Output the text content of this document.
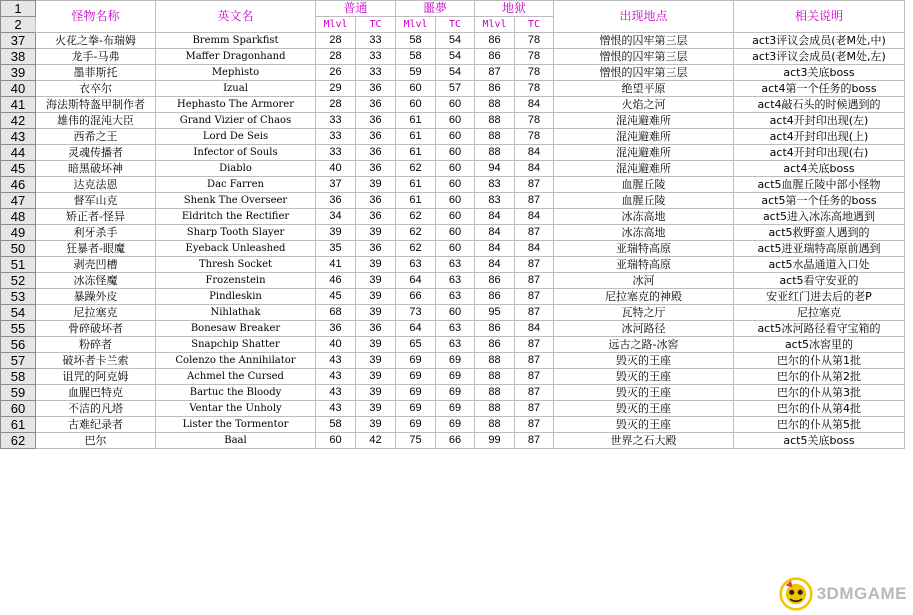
1	怪物名称	英文名	普通		噩夢		地狱		出现地点	相关说明
2			Mlvl	TC	Mlvl	TC	Mlvl	TC		
37	火花之拳-布瑞姆	Bremm Sparkfist	28	33	58	54	86	78	憎恨的囚牢第三层	act3评议会成员(老M处,中)
38	龙手-马弗	Maffer Dragonhand	28	33	58	54	86	78	憎恨的囚牢第三层	act3评议会成员(老M处,左)
39	墨菲斯托	Mephisto	26	33	59	54	87	78	憎恨的囚牢第三层	act3关底boss
40	衣卒尔	Izual	29	36	60	57	86	78	绝望平原	act4第一个任务的boss
41	海法斯特盔甲制作者	Hephasto The Armorer	28	36	60	60	88	84	火焰之河	act4敲石头的时候遇到的
42	雄伟的混沌大臣	Grand Vizier of Chaos	33	36	61	60	88	78	混沌避难所	act4开封印出现(左)
43	西希之王	Lord De Seis	33	36	61	60	88	78	混沌避难所	act4开封印出现(上)
44	灵魂传播者	Infector of Souls	33	36	61	60	88	84	混沌避难所	act4开封印出现(右)
45	暗黑破坏神	Diablo	40	36	62	60	94	84	混沌避难所	act4关底boss
46	达克法恩	Dac Farren	37	39	61	60	83	87	血腥丘陵	act5血腥丘陵中部小怪物
47	督军山克	Shenk The Overseer	36	36	61	60	83	87	血腥丘陵	act5第一个任务的boss
48	矫正者-怪异	Eldritch the Rectifier	34	36	62	60	84	84	冰冻高地	act5进入冰冻高地遇到
49	利牙杀手	Sharp Tooth Slayer	39	39	62	60	84	87	冰冻高地	act5救野蛮人遇到的
50	狂暴者-眼魔	Eyeback Unleashed	35	36	62	60	84	84	亚瑞特高原	act5进亚瑞特高原前遇到
51	剥壳凹槽	Thresh Socket	41	39	63	63	84	87	亚瑞特高原	act5水晶通道入口处
52	冰冻怪魔	Frozenstein	46	39	64	63	86	87	冰河	act5看守安亚的
53	暴躁外皮	Pindleskin	45	39	66	63	86	87	尼拉塞克的神殿	安亚红门进去后的老P
54	尼拉塞克	Nihlathak	68	39	73	60	95	87	瓦特之厅	尼拉塞克
55	骨碎破坏者	Bonesaw Breaker	36	36	64	63	86	84	冰河路径	act5冰河路径看守宝箱的
56	粉碎者	Snapchip Shatter	40	39	65	63	86	87	远古之路-冰窖	act5冰窖里的
57	破坏者卡兰索	Colenzo the Annihilator	43	39	69	69	88	87	毁灭的王座	巴尔的仆从第1批
58	诅咒的阿克姆	Achmel the Cursed	43	39	69	69	88	87	毁灭的王座	巴尔的仆从第2批
59	血腥巴特克	Bartuc the Bloody	43	39	69	69	88	87	毁灭的王座	巴尔的仆从第3批
60	不洁的凡塔	Ventar the Unholy	43	39	69	69	88	87	毁灭的王座	巴尔的仆从第4批
61	古难纪录者	Lister the Tormentor	58	39	69	69	88	87	毁灭的王座	巴尔的仆从第5批
62	巴尔	Baal	60	42	75	66	99	87	世界之石大殿	act5关底boss
3DMGAME
